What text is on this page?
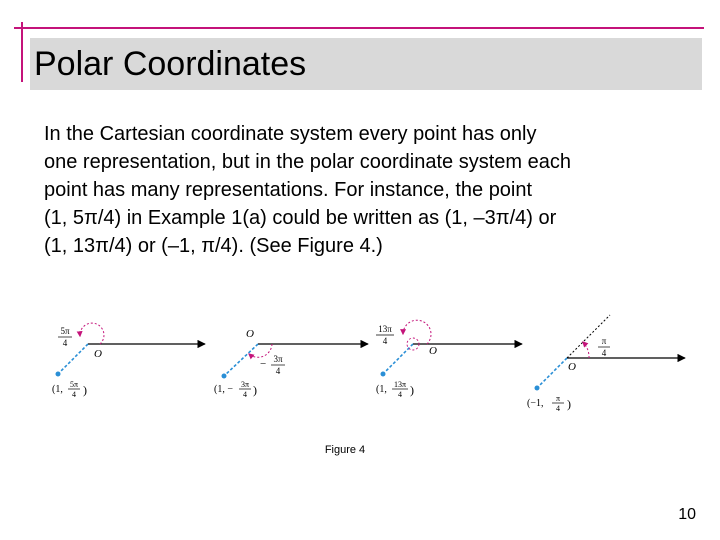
Polar Coordinates

In the Cartesian coordinate system every point has only
one representation, but in the polar coordinate system each
point has many representations. For instance, the point
(1, 5π/4) in Example 1(a) could be written as (1, –3π/4) or
(1, 13π/4) or (–1, π/4). (See Figure 4.)

O
5π
4
(1, 5π
4 )
O
− 3π
4
(1, − 3π
4 )
O
13π
4
(1, 13π
4 )
O
π
4
(−1, π
4 )
Figure 4
10
